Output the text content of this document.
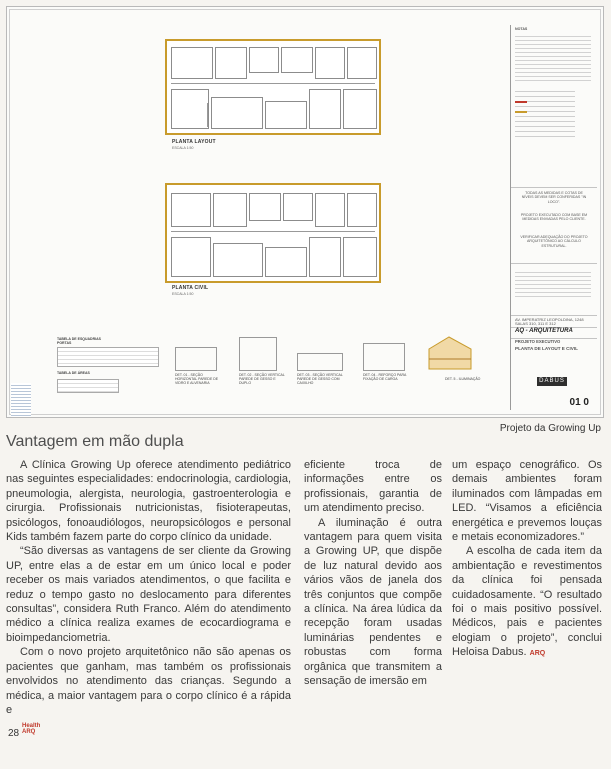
PLANTA LAYOUT
ESCALA 1:50
PLANTA CIVIL
ESCALA 1:50
TABELA DE ESQUADRIAS PORTAS
TABELA DE ÁREAS	DET. 01 - SEÇÃO HORIZONTAL PAREDE DE VIDRO E ALVENARIA
DET. 02 - SEÇÃO VERTICAL PAREDE DE GESSO E DUPLO
DET. 03 - SEÇÃO VERTICAL PAREDE DE GESSO COM CAIXILHO
DET. 04 - REFORÇO PARA FIXAÇÃO DE CARGA	DET. 5 - ILUMINAÇÃO
NOTAS
TODAS AS MEDIDAS E COTAS DE NÍVEIS DEVEM SER CONFERIDAS "IN LOCO".
PROJETO EXECUTADO COM BASE EM MEDIDAS ENVIADAS PELO CLIENTE.
VERIFICAR ADEQUAÇÃO DO PROJETO ARQUITETÔNICO AO CÁLCULO ESTRUTURAL.
AV. IMPERATRIZ LEOPOLDINA, 1248 SALAS 310, 311 E 312
AQ - ARQUITETURA
PROJETO EXECUTIVO
PLANTA DE LAYOUT E CIVIL
DABUS
01 0
Projeto da Growing Up
Vantagem em mão dupla

A Clínica Growing Up oferece atendimento pediátrico nas seguintes especialidades: endocrinologia, cardiologia, pneumologia, alergista, neurologia, gastroenterologia e cirurgia. Profissionais nutricionistas, fisioterapeutas, psicólogos, fonoaudiólogos, neuropsicólogos e personal Kids também fazem parte do corpo clínico da unidade.

“São diversas as vantagens de ser cliente da Growing UP, entre elas a de estar em um único local e poder receber os mais variados atendimentos, o que facilita e reduz o tempo gasto no deslocamento para diferentes consultas”, considera Ruth Franco. Além do atendimento médico a clínica realiza exames de ecocardiograma e bioimpedanciometria.

Com o novo projeto arquitetônico não são apenas os pacientes que ganham, mas também os profissionais envolvidos no atendimento das crianças. Segundo a médica, a maior vantagem para o corpo clínico é a rápida e

eficiente troca de informações entre os profissionais, garantia de um atendimento preciso.

A iluminação é outra vantagem para quem visita a Growing UP, que dispõe de luz natural devido aos vários vãos de janela dos três conjuntos que compõe a clínica. Na área lúdica da recepção foram usadas luminárias pendentes e robustas com forma orgânica que transmitem a sensação de imersão em

um espaço cenográfico. Os demais ambientes foram iluminados com lâmpadas em LED. “Visamos a eficiência energética e prevemos louças e metais economizadores.”

A escolha de cada item da ambientação e revestimentos da clínica foi pensada cuidadosamente. “O resultado foi o mais positivo possível. Médicos, pais e pacientes elogiam o projeto”, conclui Heloisa Dabus. ARQ

28
Health
ARQ
